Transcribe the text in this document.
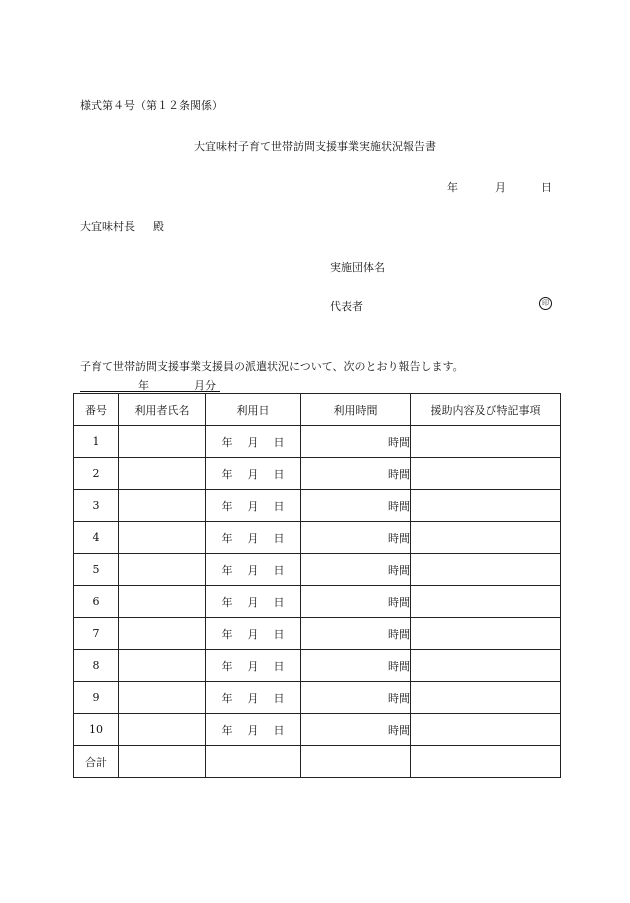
様式第４号（第１２条関係）
大宜味村子育て世帯訪問支援事業実施状況報告書
年	月	日
大宜味村長 殿
実施団体名
代表者	印
子育て世帯訪問支援事業支援員の派遣状況について、次のとおり報告します。
年	月分
番号	利用者氏名	利用日	利用時間	援助内容及び特記事項
1		年 月 日	時間	
2		年 月 日	時間	
3		年 月 日	時間	
4		年 月 日	時間	
5		年 月 日	時間	
6		年 月 日	時間	
7		年 月 日	時間	
8		年 月 日	時間	
9		年 月 日	時間	
10		年 月 日	時間	
合計				
